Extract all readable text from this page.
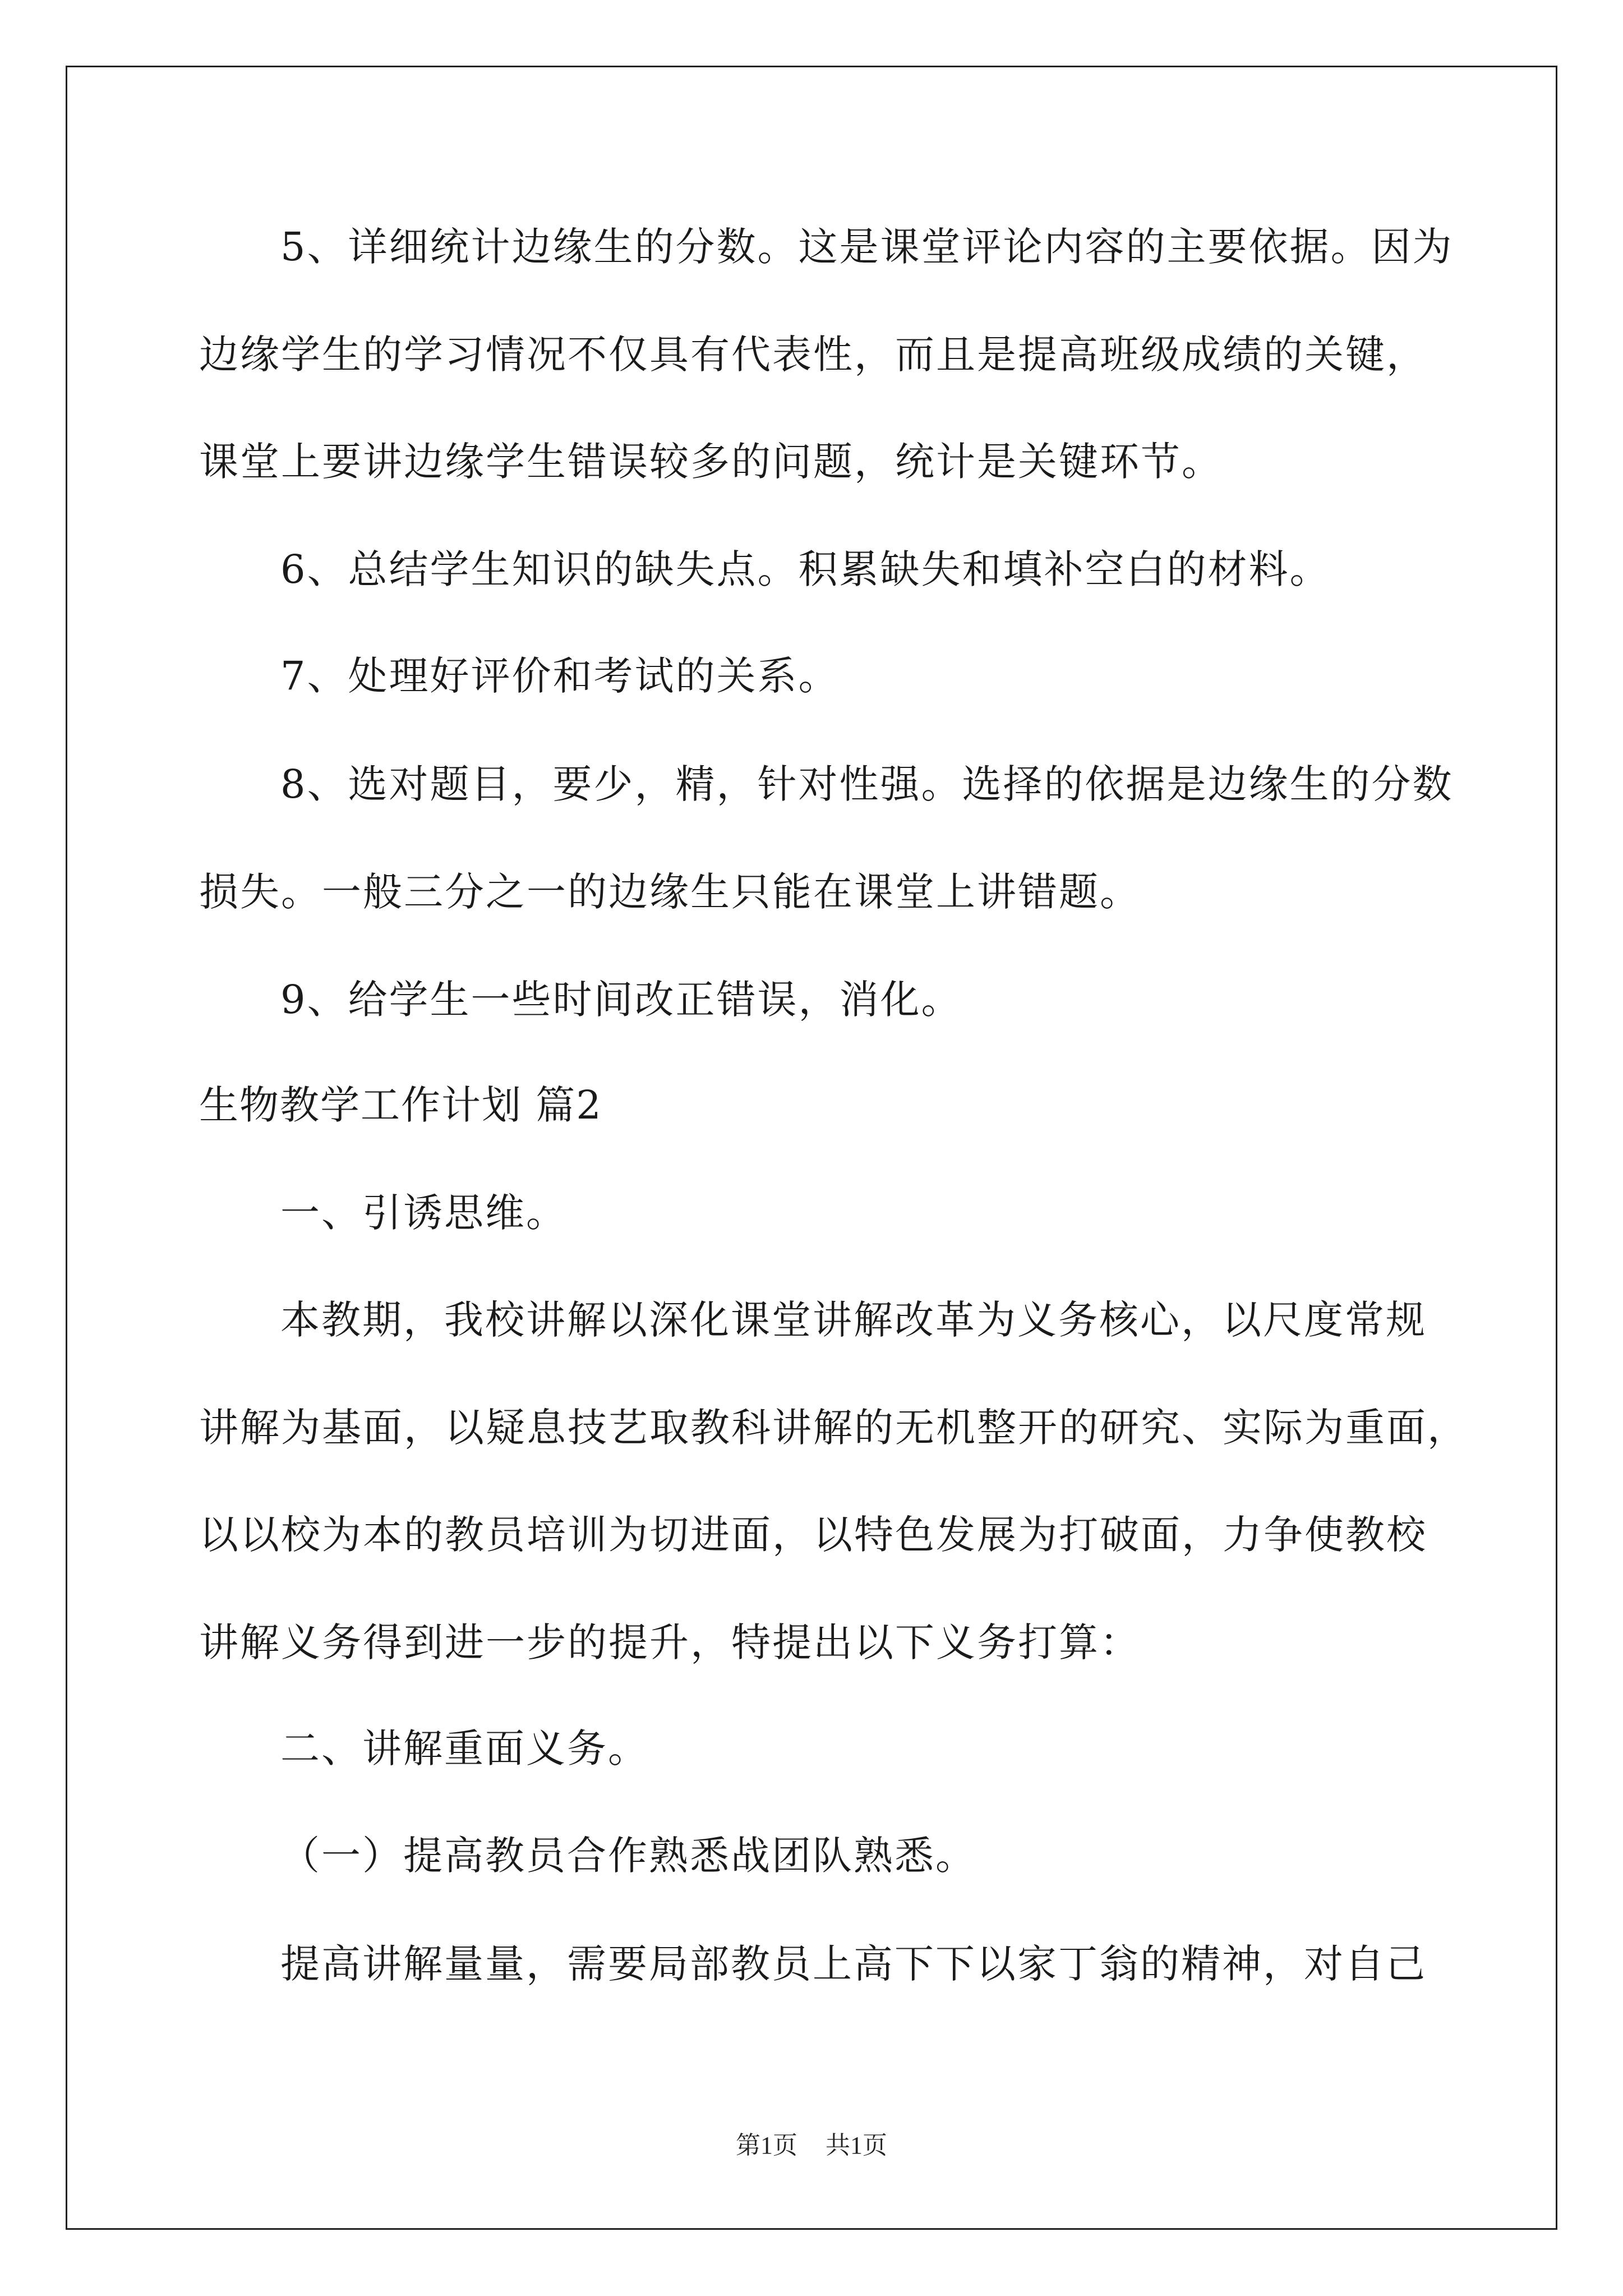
5、详细统计边缘生的分数。这是课堂评论内容的主要依据。因为
边缘学生的学习情况不仅具有代表性，而且是提高班级成绩的关键，
课堂上要讲边缘学生错误较多的问题，统计是关键环节。
6、总结学生知识的缺失点。积累缺失和填补空白的材料。
7、处理好评价和考试的关系。
8、选对题目，要少，精，针对性强。选择的依据是边缘生的分数
损失。一般三分之一的边缘生只能在课堂上讲错题。
9、给学生一些时间改正错误，消化。
生物教学工作计划 篇2
一、引诱思维。
本教期，我校讲解以深化课堂讲解改革为义务核心，以尺度常规
讲解为基面，以疑息技艺取教科讲解的无机整开的研究、实际为重面，
以以校为本的教员培训为切进面，以特色发展为打破面，力争使教校
讲解义务得到进一步的提升，特提出以下义务打算：
二、讲解重面义务。
（一）提高教员合作熟悉战团队熟悉。
提高讲解量量，需要局部教员上高下下以家丁翁的精神，对自己
第1页 共1页
